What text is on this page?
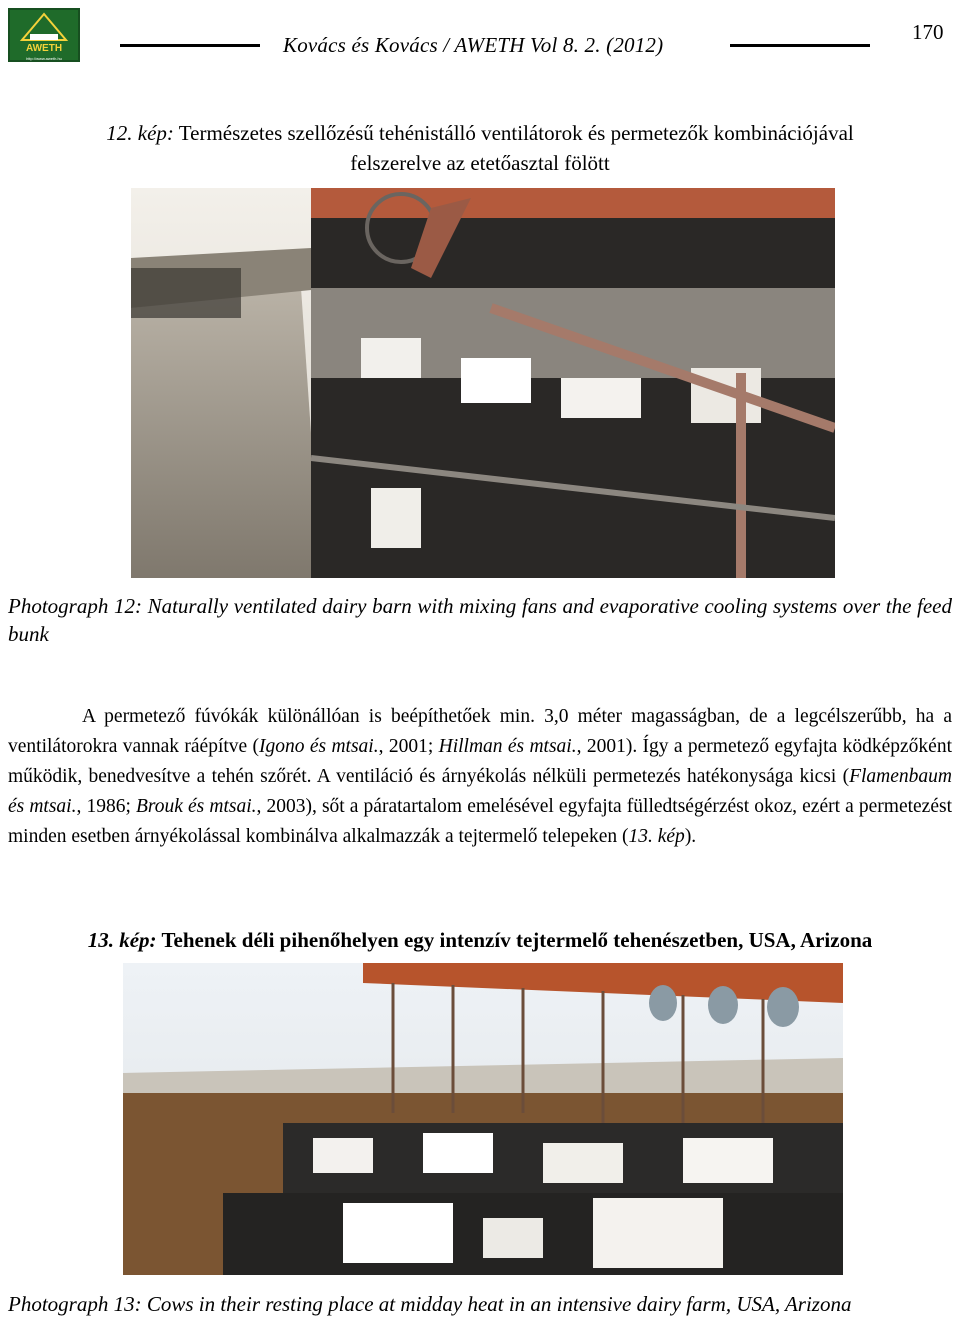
AWETH
http://www.aweth.hu
Kovács és Kovács / AWETH Vol 8. 2. (2012)
170
12. kép: Természetes szellőzésű tehénistálló ventilátorok és permetezők kombinációjával
felszerelve az etetőasztal fölött
Photograph 12: Naturally ventilated dairy barn with mixing fans and evaporative cooling systems over the feed bunk
A permetező fúvókák különállóan is beépíthetőek min. 3,0 méter magasságban, de a legcélszerűbb, ha a ventilátorokra vannak ráépítve (Igono és mtsai., 2001; Hillman és mtsai., 2001). Így a permetező egyfajta ködképzőként működik, benedvesítve a tehén szőrét. A ventiláció és árnyékolás nélküli permetezés hatékonysága kicsi (Flamenbaum és mtsai., 1986; Brouk és mtsai., 2003), sőt a páratartalom emelésével egyfajta fülledtségérzést okoz, ezért a permetezést minden esetben árnyékolással kombinálva alkalmazzák a tejtermelő telepeken (13. kép).
13. kép: Tehenek déli pihenőhelyen egy intenzív tejtermelő tehenészetben, USA, Arizona
Photograph 13: Cows in their resting place at midday heat in an intensive dairy farm, USA, Arizona
